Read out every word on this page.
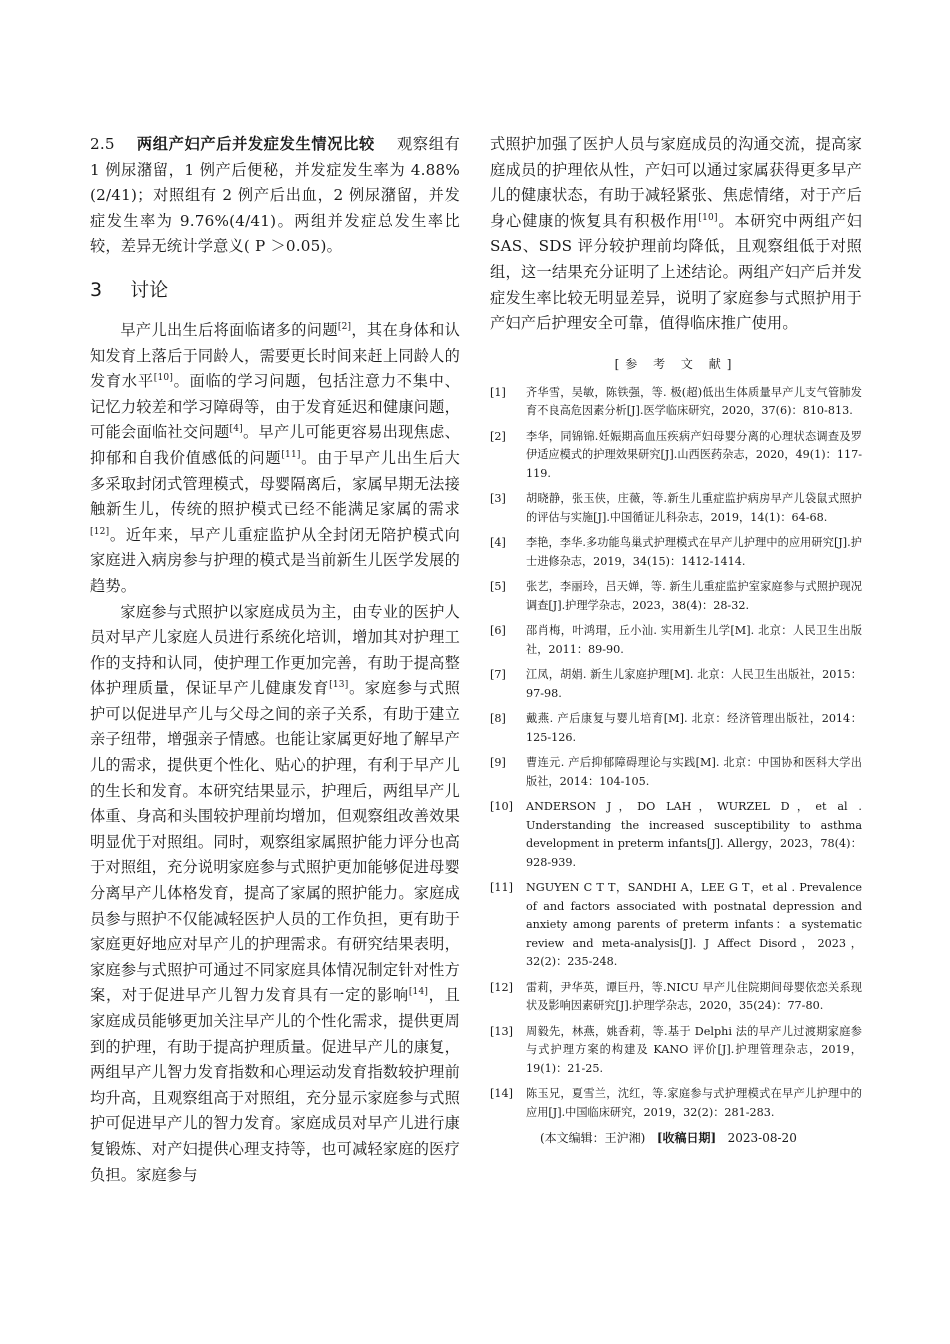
2.5 两组产妇产后并发症发生情况比较 观察组有 1 例尿潴留，1 例产后便秘，并发症发生率为 4.88%(2/41)；对照组有 2 例产后出血，2 例尿潴留，并发症发生率为 9.76%(4/41)。两组并发症总发生率比较，差异无统计学意义( P ＞0.05)。

3 讨论

早产儿出生后将面临诸多的问题[2]，其在身体和认知发育上落后于同龄人，需要更长时间来赶上同龄人的发育水平[10]。面临的学习问题，包括注意力不集中、记忆力较差和学习障碍等，由于发育延迟和健康问题，可能会面临社交问题[4]。早产儿可能更容易出现焦虑、抑郁和自我价值感低的问题[11]。由于早产儿出生后大多采取封闭式管理模式，母婴隔离后，家属早期无法接触新生儿，传统的照护模式已经不能满足家属的需求[12]。近年来，早产儿重症监护从全封闭无陪护模式向家庭进入病房参与护理的模式是当前新生儿医学发展的趋势。

家庭参与式照护以家庭成员为主，由专业的医护人员对早产儿家庭人员进行系统化培训，增加其对护理工作的支持和认同，使护理工作更加完善，有助于提高整体护理质量，保证早产儿健康发育[13]。家庭参与式照护可以促进早产儿与父母之间的亲子关系，有助于建立亲子纽带，增强亲子情感。也能让家属更好地了解早产儿的需求，提供更个性化、贴心的护理，有利于早产儿的生长和发育。本研究结果显示，护理后，两组早产儿体重、身高和头围较护理前均增加，但观察组改善效果明显优于对照组。同时，观察组家属照护能力评分也高于对照组，充分说明家庭参与式照护更加能够促进母婴分离早产儿体格发育，提高了家属的照护能力。家庭成员参与照护不仅能减轻医护人员的工作负担，更有助于家庭更好地应对早产儿的护理需求。有研究结果表明，家庭参与式照护可通过不同家庭具体情况制定针对性方案，对于促进早产儿智力发育具有一定的影响[14]，且家庭成员能够更加关注早产儿的个性化需求，提供更周到的护理，有助于提高护理质量。促进早产儿的康复，两组早产儿智力发育指数和心理运动发育指数较护理前均升高，且观察组高于对照组，充分显示家庭参与式照护可促进早产儿的智力发育。家庭成员对早产儿进行康复锻炼、对产妇提供心理支持等，也可减轻家庭的医疗负担。家庭参与

式照护加强了医护人员与家庭成员的沟通交流，提高家庭成员的护理依从性，产妇可以通过家属获得更多早产儿的健康状态，有助于减轻紧张、焦虑情绪，对于产后身心健康的恢复具有积极作用[10]。本研究中两组产妇 SAS、SDS 评分较护理前均降低，且观察组低于对照组，这一结果充分证明了上述结论。两组产妇产后并发症发生率比较无明显差异，说明了家庭参与式照护用于产妇产后护理安全可靠，值得临床推广使用。

[参 考 文 献]
[1]	齐华雪，吴敏，陈铁强，等. 极(超)低出生体质量早产儿支气管肺发育不良高危因素分析[J].医学临床研究，2020，37(6)：810-813.
[2]	李华，同锦锦.妊娠期高血压疾病产妇母婴分离的心理状态调查及罗伊适应模式的护理效果研究[J].山西医药杂志，2020，49(1)：117-119.
[3]	胡晓静，张玉侠，庄薇，等.新生儿重症监护病房早产儿袋鼠式照护的评估与实施[J].中国循证儿科杂志，2019，14(1)：64-68.
[4]	李艳，李华.多功能鸟巢式护理模式在早产儿护理中的应用研究[J].护士进修杂志，2019，34(15)：1412-1414.
[5]	张艺，李丽玲，吕天婵，等. 新生儿重症监护室家庭参与式照护现况调查[J].护理学杂志，2023，38(4)：28-32.
[6]	邵肖梅，叶鸿瑁，丘小汕. 实用新生儿学[M]. 北京：人民卫生出版社，2011：89-90.
[7]	江凤，胡娟. 新生儿家庭护理[M]. 北京：人民卫生出版社，2015：97-98.
[8]	戴燕. 产后康复与婴儿培育[M]. 北京：经济管理出版社，2014：125-126.
[9]	曹连元. 产后抑郁障碍理论与实践[M]. 北京：中国协和医科大学出版社，2014：104-105.
[10]	ANDERSON J，DO LAH，WURZEL D，et al . Understanding the increased susceptibility to asthma development in preterm infants[J]. Allergy，2023，78(4)：928-939.
[11]	NGUYEN C T T，SANDHI A，LEE G T，et al . Prevalence of and factors associated with postnatal depression and anxiety among parents of preterm infants：a systematic review and meta-analysis[J]. J Affect Disord，2023，32(2)：235-248.
[12]	雷莉，尹华英，谭巨丹，等.NICU 早产儿住院期间母婴依恋关系现状及影响因素研究[J].护理学杂志，2020，35(24)：77-80.
[13]	周毅先，林燕，姚香莉，等.基于 Delphi 法的早产儿过渡期家庭参与式护理方案的构建及 KANO 评价[J].护理管理杂志，2019，19(1)：21-25.
[14]	陈玉兄，夏雪兰，沈红，等.家庭参与式护理模式在早产儿护理中的应用[J].中国临床研究，2019，32(2)：281-283.
(本文编辑：王沪湘) [收稿日期] 2023-08-20
